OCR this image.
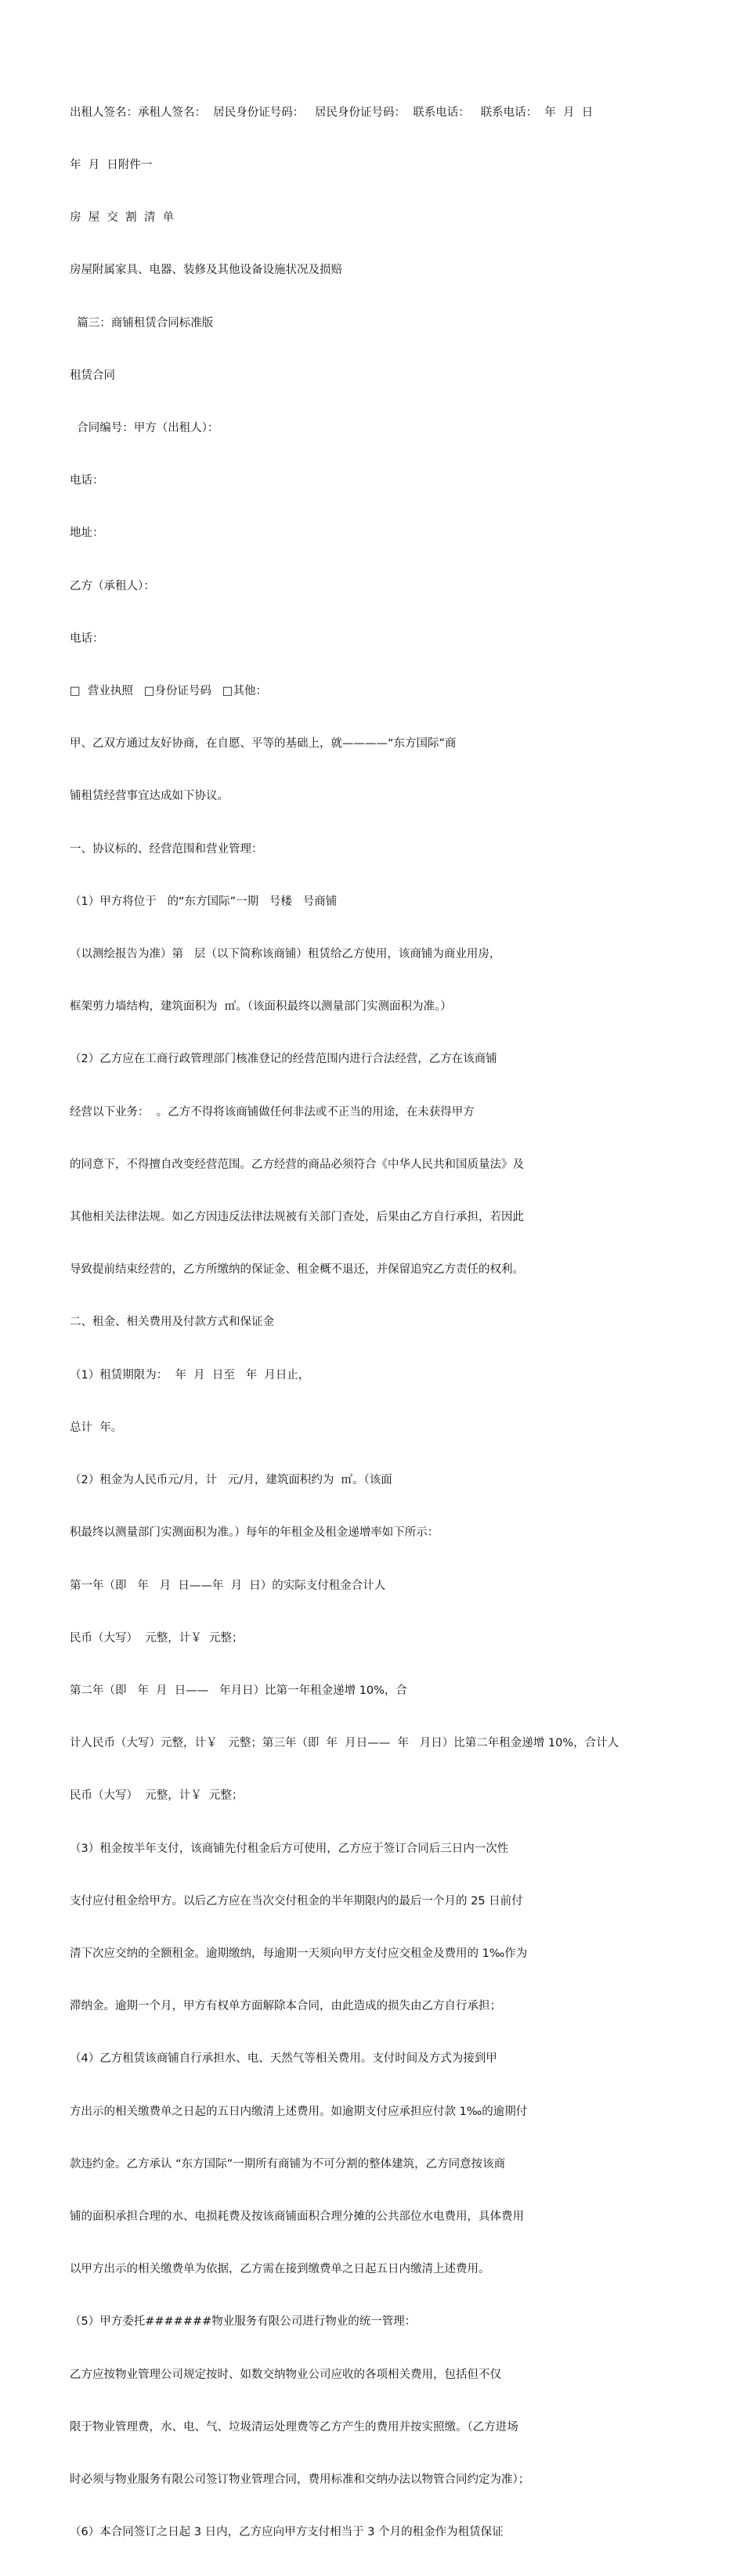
出租人签名：承租人签名：  居民身份证号码：   居民身份证号码：  联系电话：   联系电话：  年  月  日

年  月  日附件一

房  屋  交  割  清  单

房屋附属家具、电器、装修及其他设备设施状况及损赔

篇三：商铺租赁合同标准版

租赁合同

合同编号：甲方（出租人）：

电话：

地址：

乙方（承租人）：

电话：

□  营业执照   □身份证号码   □其他：

甲、乙双方通过友好协商，在自愿、平等的基础上，就————“东方国际”商

铺租赁经营事宜达成如下协议。

一、协议标的、经营范围和营业管理：

（1）甲方将位于   的“东方国际”一期   号楼   号商铺

（以测绘报告为准）第   层（以下简称该商铺）租赁给乙方使用，该商铺为商业用房，

框架剪力墙结构，建筑面积为  ㎡。（该面积最终以测量部门实测面积为准。）

（2）乙方应在工商行政管理部门核准登记的经营范围内进行合法经营，乙方在该商铺

经营以下业务：  。乙方不得将该商铺做任何非法或不正当的用途，在未获得甲方

的同意下，不得擅自改变经营范围。乙方经营的商品必须符合《中华人民共和国质量法》及

其他相关法律法规。如乙方因违反法律法规被有关部门查处，后果由乙方自行承担，若因此

导致提前结束经营的，乙方所缴纳的保证金、租金概不退还，并保留追究乙方责任的权利。

二、租金、相关费用及付款方式和保证金

（1）租赁期限为：  年  月  日至   年  月日止，

总计  年。

（2）租金为人民币元/月，计   元/月，建筑面积约为  ㎡。（该面

积最终以测量部门实测面积为准。）每年的年租金及租金递增率如下所示：

第一年（即   年   月  日——年  月  日）的实际支付租金合计人

民币（大写）  元整，计￥  元整；

第二年（即   年  月  日——   年月日）比第一年租金递增 10%，合

计人民币（大写）元整，计￥   元整；第三年（即  年  月日——  年   月日）比第二年租金递增 10%，合计人

民币（大写）  元整，计￥  元整；

（3）租金按半年支付，该商铺先付租金后方可使用，乙方应于签订合同后三日内一次性

支付应付租金给甲方。以后乙方应在当次交付租金的半年期限内的最后一个月的 25 日前付

清下次应交纳的全额租金。逾期缴纳，每逾期一天须向甲方支付应交租金及费用的 1‰作为

滞纳金。逾期一个月，甲方有权单方面解除本合同，由此造成的损失由乙方自行承担；

（4）乙方租赁该商铺自行承担水、电、天然气等相关费用。支付时间及方式为接到甲

方出示的相关缴费单之日起的五日内缴清上述费用。如逾期支付应承担应付款 1‰的逾期付

款违约金。乙方承认 “东方国际”一期所有商铺为不可分割的整体建筑，乙方同意按该商

铺的面积承担合理的水、电损耗费及按该商铺面积合理分摊的公共部位水电费用，具体费用

以甲方出示的相关缴费单为依据，乙方需在接到缴费单之日起五日内缴清上述费用。

（5）甲方委托#######物业服务有限公司进行物业的统一管理：

乙方应按物业管理公司规定按时、如数交纳物业公司应收的各项相关费用，包括但不仅

限于物业管理费，水、电、气、垃圾清运处理费等乙方产生的费用并按实照缴。（乙方进场

时必须与物业服务有限公司签订物业管理合同，费用标准和交纳办法以物管合同约定为准）；

（6）本合同签订之日起 3 日内，乙方应向甲方支付相当于 3 个月的租金作为租赁保证
